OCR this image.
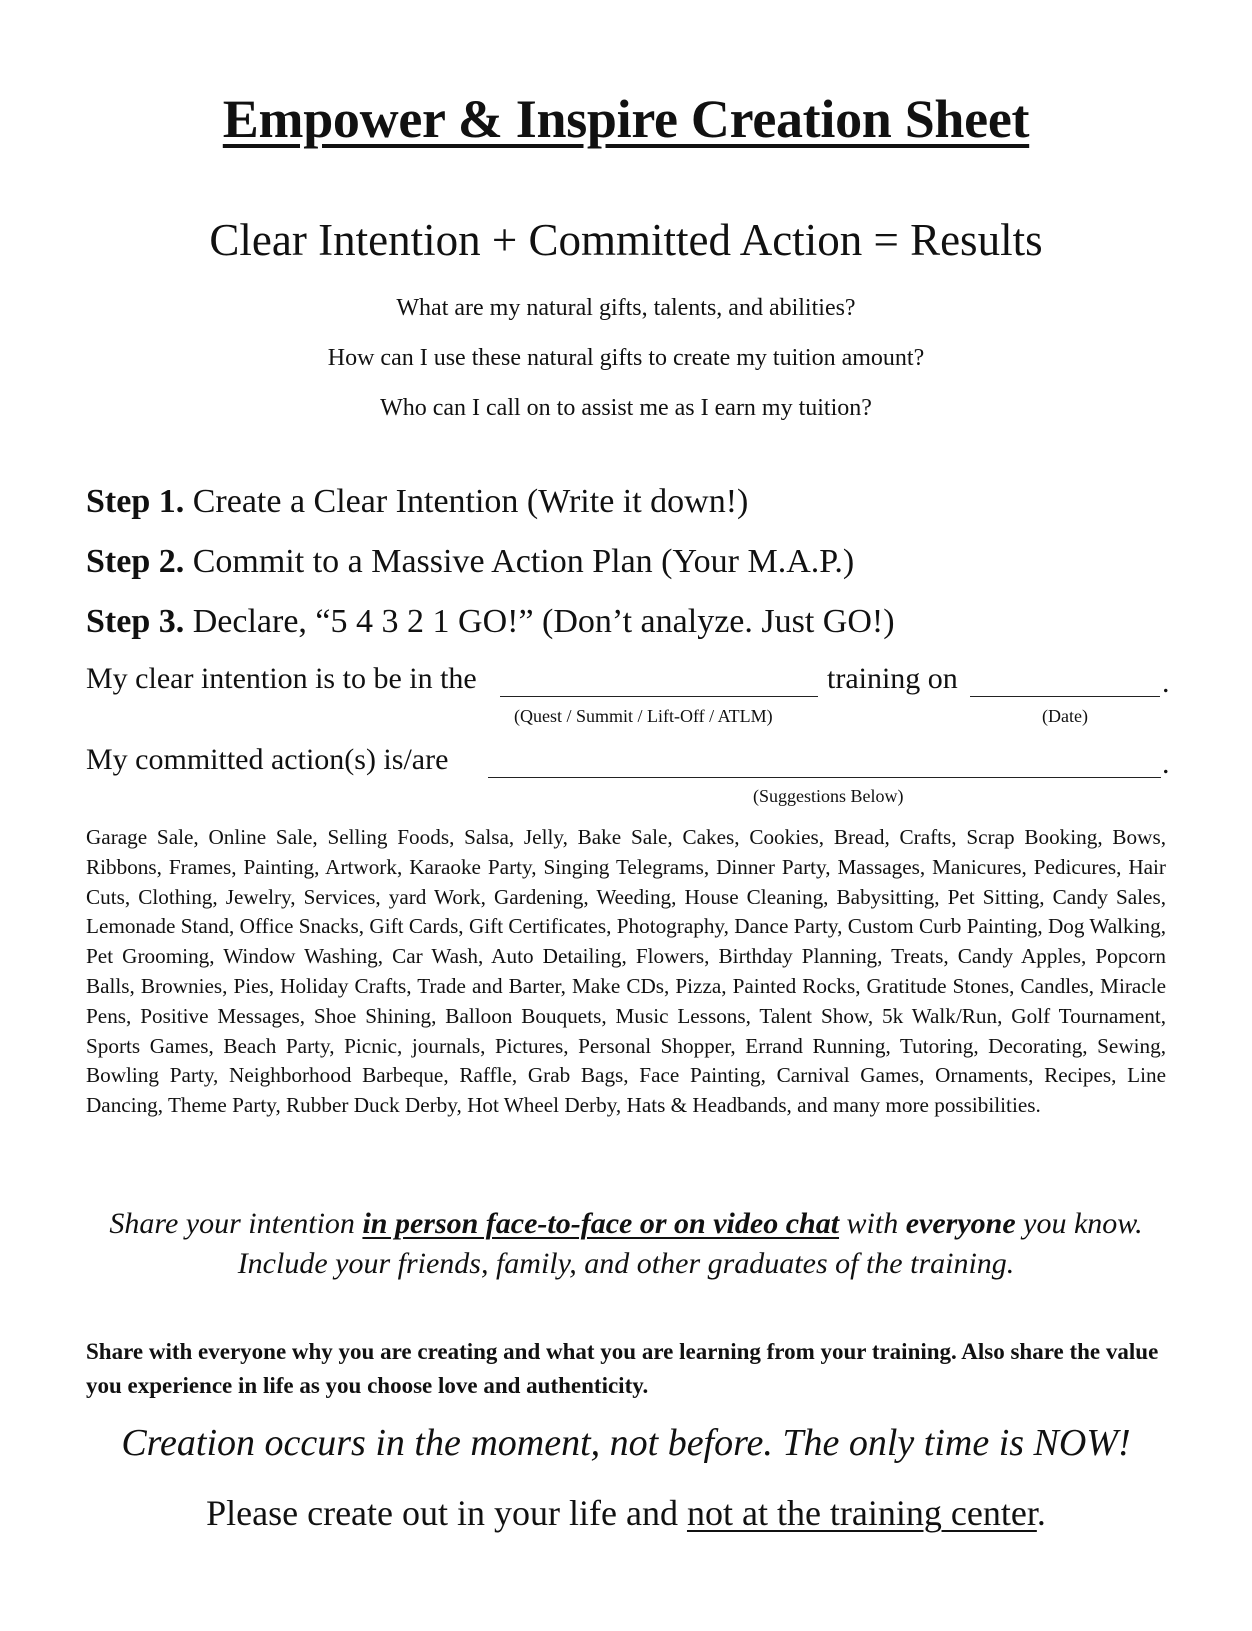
Empower & Inspire Creation Sheet
Clear Intention + Committed Action = Results
What are my natural gifts, talents, and abilities?
How can I use these natural gifts to create my tuition amount?
Who can I call on to assist me as I earn my tuition?
Step 1. Create a Clear Intention (Write it down!)
Step 2. Commit to a Massive Action Plan (Your M.A.P.)
Step 3. Declare, “5 4 3 2 1 GO!” (Don’t analyze. Just GO!)
My clear intention is to be in the	training on	.
(Quest / Summit / Lift-Off / ATLM)	(Date)
My committed action(s) is/are	.
(Suggestions Below)
Garage Sale, Online Sale, Selling Foods, Salsa, Jelly, Bake Sale, Cakes, Cookies, Bread, Crafts, Scrap Booking, Bows, Ribbons, Frames, Painting, Artwork, Karaoke Party, Singing Telegrams, Dinner Party, Massages, Manicures, Pedicures, Hair Cuts, Clothing, Jewelry, Services, yard Work, Gardening, Weeding, House Cleaning, Babysitting, Pet Sitting, Candy Sales, Lemonade Stand, Office Snacks, Gift Cards, Gift Certificates, Photography, Dance Party, Custom Curb Painting, Dog Walking, Pet Grooming, Window Washing, Car Wash, Auto Detailing, Flowers, Birthday Planning, Treats, Candy Apples, Popcorn Balls, Brownies, Pies, Holiday Crafts, Trade and Barter, Make CDs, Pizza, Painted Rocks, Gratitude Stones, Candles, Miracle Pens, Positive Messages, Shoe Shining, Balloon Bouquets, Music Lessons, Talent Show, 5k Walk/Run, Golf Tournament, Sports Games, Beach Party, Picnic, journals, Pictures, Personal Shopper, Errand Running, Tutoring, Decorating, Sewing, Bowling Party, Neighborhood Barbeque, Raffle, Grab Bags, Face Painting, Carnival Games, Ornaments, Recipes, Line Dancing, Theme Party, Rubber Duck Derby, Hot Wheel Derby, Hats & Headbands, and many more possibilities.
Share your intention in person face-to-face or on video chat with everyone you know. Include your friends, family, and other graduates of the training.
Share with everyone why you are creating and what you are learning from your training. Also share the value you experience in life as you choose love and authenticity.
Creation occurs in the moment, not before. The only time is NOW!
Please create out in your life and not at the training center.
